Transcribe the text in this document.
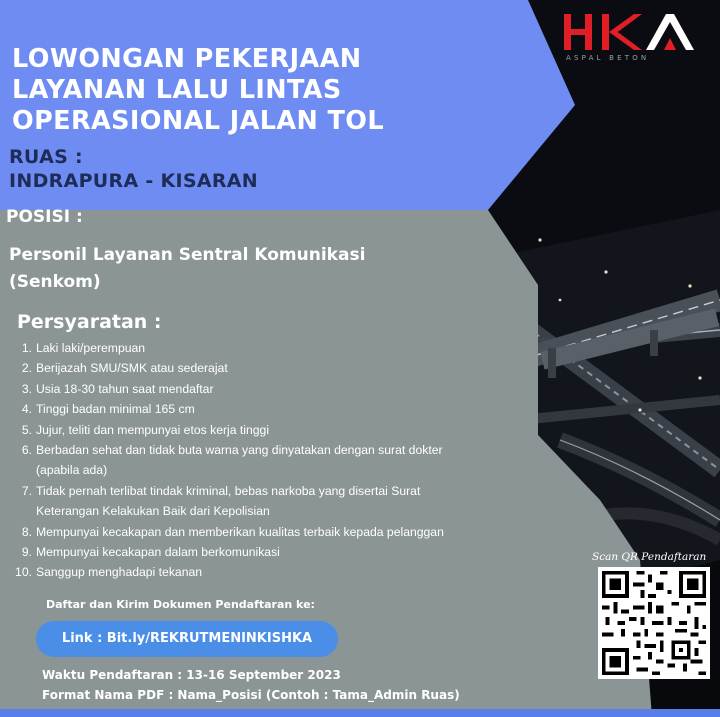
ASPAL BETON
LOWONGAN PEKERJAAN
LAYANAN LALU LINTAS
OPERASIONAL JALAN TOL
RUAS :
INDRAPURA - KISARAN
POSISI :
Personil Layanan Sentral Komunikasi
(Senkom)
Persyaratan :
1. Laki laki/perempuan
2. Berijazah SMU/SMK atau sederajat
3. Usia 18-30 tahun saat mendaftar
4. Tinggi badan minimal 165 cm
5. Jujur, teliti dan mempunyai etos kerja tinggi
6. Berbadan sehat dan tidak buta warna yang dinyatakan dengan surat dokter
(apabila ada)
7. Tidak pernah terlibat tindak kriminal, bebas narkoba yang disertai Surat
Keterangan Kelakukan Baik dari Kepolisian
8. Mempunyai kecakapan dan memberikan kualitas terbaik kepada pelanggan
9. Mempunyai kecakapan dalam berkomunikasi
10. Sanggup menghadapi tekanan
Daftar dan Kirim Dokumen Pendaftaran ke:
Link : Bit.ly/REKRUTMENINKISHKA
Waktu Pendaftaran : 13-16 September 2023
Format Nama PDF : Nama_Posisi (Contoh : Tama_Admin Ruas)
Scan QR Pendaftaran
